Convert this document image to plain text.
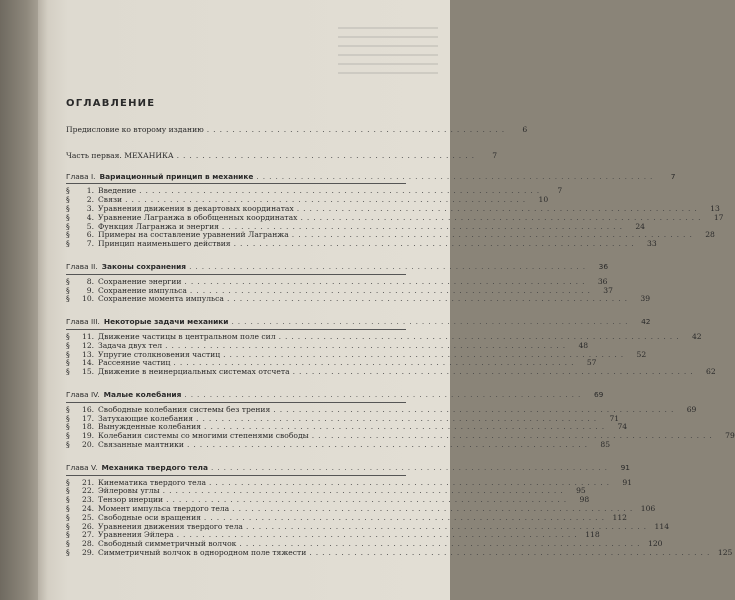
ОГЛАВЛЕНИЕ
Предисловие ко второму изданию ...............................................	6
Часть первая. МЕХАНИКА ...............................................	7
Глава I. Вариационный принцип в механике ...............................................................	7
§	1. Введение ...............................................................	7
§	2. Связи ...............................................................	10
§	3. Уравнения движения в декартовых координатах ...............................................................	13
§	4. Уравнение Лагранжа в обобщенных координатах ...............................................................	17
§	5. Функция Лагранжа и энергия ...............................................................	24
§	6. Примеры на составление уравнений Лагранжа ...............................................................	28
§	7. Принцип наименьшего действия ...............................................................	33
Глава II. Законы сохранения ...............................................................	36
§	8. Сохранение энергии ...............................................................	36
§	9. Сохранение импульса ...............................................................	37
§	10. Сохранение момента импульса ...............................................................	39
Глава III. Некоторые задачи механики ...............................................................	42
§	11. Движение частицы в центральном поле сил ...............................................................	42
§	12. Задача двух тел ...............................................................	48
§	13. Упругие столкновения частиц ...............................................................	52
§	14. Рассеяние частиц ...............................................................	57
§	15. Движение в неинерциальных системах отсчета ...............................................................	62
Глава IV. Малые колебания ...............................................................	69
§	16. Свободные колебания системы без трения ...............................................................	69
§	17. Затухающие колебания ...............................................................	71
§	18. Вынужденные колебания ...............................................................	74
§	19. Колебания системы со многими степенями свободы ...............................................................	79
§	20. Связанные маятники ...............................................................	85
Глава V. Механика твердого тела ...............................................................	91
§	21. Кинематика твердого тела ...............................................................	91
§	22. Эйлеровы углы ...............................................................	95
§	23. Тензор инерции ...............................................................	98
§	24. Момент импульса твердого тела ............................................................... 106
§	25. Свободные оси вращения ............................................................... 112
§	26. Уравнения движения твердого тела ............................................................... 114
§	27. Уравнения Эйлера ............................................................... 118
§	28. Свободный симметричный волчок ............................................................... 120
§	29. Симметричный волчок в однородном поле тяжести ............................................................... 125
